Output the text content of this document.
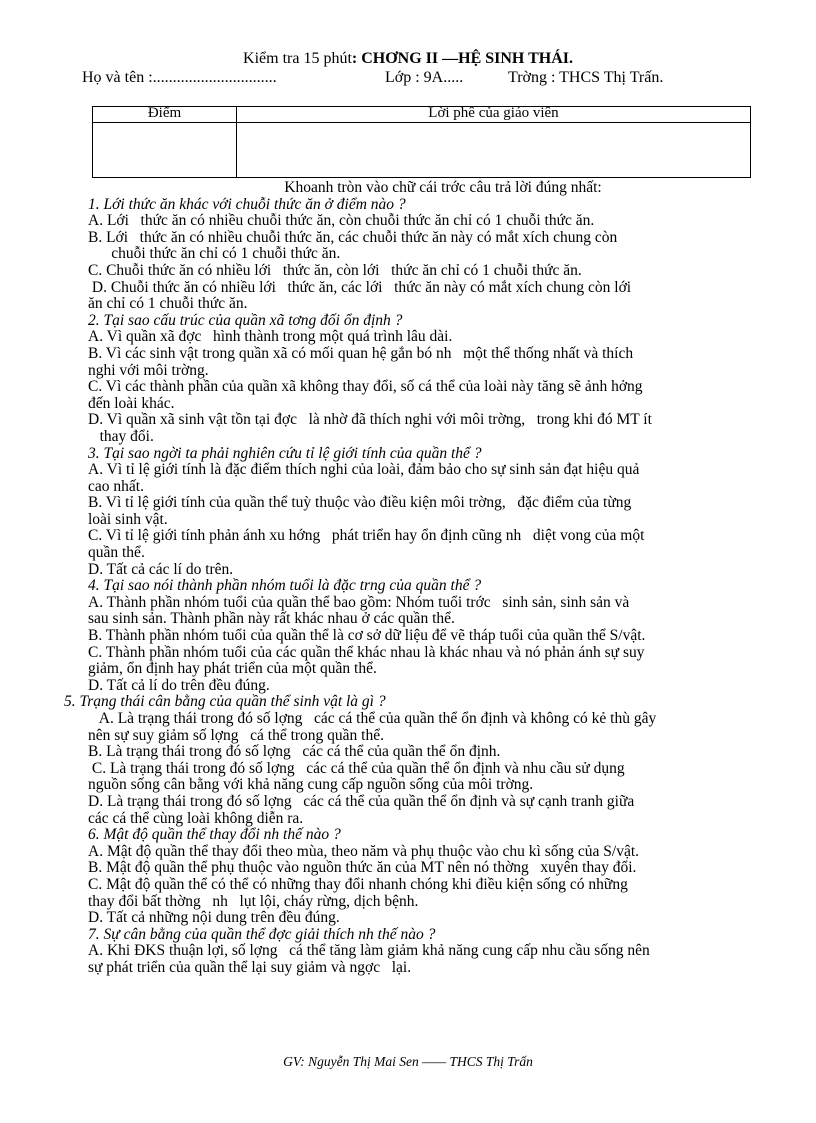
Kiểm tra 15 phút: CHƠNG II —HỆ SINH THÁI.
Họ và tên :...............................	Lớp : 9A.....	Trờng : THCS Thị Trấn.
Điểm	Lời phê của giáo viên

Khoanh tròn vào chữ cái trớc câu trả lời đúng nhất:

1. Lới thức ăn khác với chuỗi thức ăn ở điểm nào ?

A. Lới   thức ăn có nhiều chuỗi thức ăn, còn chuỗi thức ăn chỉ có 1 chuỗi thức ăn.

B. Lới   thức ăn có nhiều chuỗi thức ăn, các chuỗi thức ăn này có mắt xích chung còn

chuỗi thức ăn chỉ có 1 chuỗi thức ăn.

C. Chuỗi thức ăn có nhiều lới   thức ăn, còn lới   thức ăn chỉ có 1 chuỗi thức ăn.

D. Chuỗi thức ăn có nhiều lới   thức ăn, các lới   thức ăn này có mắt xích chung còn lới

ăn chỉ có 1 chuỗi thức ăn.

2. Tại sao cấu trúc của quần xã tơng đối ổn định ?

A. Vì quần xã đợc   hình thành trong một quá trình lâu dài.

B. Vì các sinh vật trong quần xã có mối quan hệ gắn bó nh   một thể thống nhất và thích

nghi với môi trờng.

C. Vì các thành phần của quần xã không thay đổi, số cá thể của loài này tăng sẽ ảnh hởng

đến loài khác.

D. Vì quần xã sinh vật tồn tại đợc   là nhờ đã thích nghi với môi trờng,   trong khi đó MT ít

thay đổi.

3. Tại sao ngời ta phải nghiên cứu tỉ lệ giới tính của quần thể ?

A. Vì tỉ lệ giới tính là đặc điểm thích nghi của loài, đảm bảo cho sự sinh sản đạt hiệu quả

cao nhất.

B. Vì tỉ lệ giới tính của quần thể tuỳ thuộc vào điều kiện môi trờng,   đặc điểm của từng

loài sinh vật.

C. Vì tỉ lệ giới tính phản ánh xu hớng   phát triển hay ổn định cũng nh   diệt vong của một

quần thể.

D. Tất cả các lí do trên.

4. Tại sao nói thành phần nhóm tuổi là đặc trng của quần thể ?

A. Thành phần nhóm tuổi của quần thể bao gồm: Nhóm tuổi trớc   sinh sản, sinh sản và

sau sinh sản. Thành phần này rất khác nhau ở các quần thể.

B. Thành phần nhóm tuổi của quần thể là cơ sở dữ liệu để vẽ tháp tuổi của quần thể S/vật.

C. Thành phần nhóm tuổi của các quần thể khác nhau là khác nhau và nó phản ánh sự suy

giảm, ổn định hay phát triển của một quần thể.

D. Tất cả lí do trên đều đúng.

5. Trạng thái cân bằng của quần thể sinh vật là gì ?

A. Là trạng thái trong đó số lợng   các cá thể của quần thể ổn định và không có kẻ thù gây

nên sự suy giảm số lợng   cá thể trong quần thể.

B. Là trạng thái trong đó số lợng   các cá thể của quần thể ổn định.

C. Là trạng thái trong đó số lợng   các cá thể của quần thể ổn định và nhu cầu sử dụng

nguồn sống cân bằng với khả năng cung cấp nguồn sống của môi trờng.

D. Là trạng thái trong đó số lợng   các cá thể của quần thể ổn định và sự cạnh tranh giữa

các cá thể cùng loài không diễn ra.

6. Mật độ quần thể thay đổi nh thế nào ?

A. Mật độ quần thể thay đổi theo mùa, theo năm và phụ thuộc vào chu kì sống của S/vật.

B. Mật độ quần thể phụ thuộc vào nguồn thức ăn của MT nên nó thờng   xuyên thay đổi.

C. Mật độ quần thể có thể có những thay đổi nhanh chóng khi điều kiện sống có những

thay đổi bất thờng   nh   lụt lội, cháy rừng, dịch bệnh.

D. Tất cả những nội dung trên đều đúng.

7. Sự cân bằng của quần thể đợc giải thích nh thế nào ?

A. Khi ĐKS thuận lợi, số lợng   cá thể tăng làm giảm khả năng cung cấp nhu cầu sống nên

sự phát triển của quần thể lại suy giảm và ngợc   lại.

GV: Nguyễn Thị Mai Sen —— THCS Thị Trấn
